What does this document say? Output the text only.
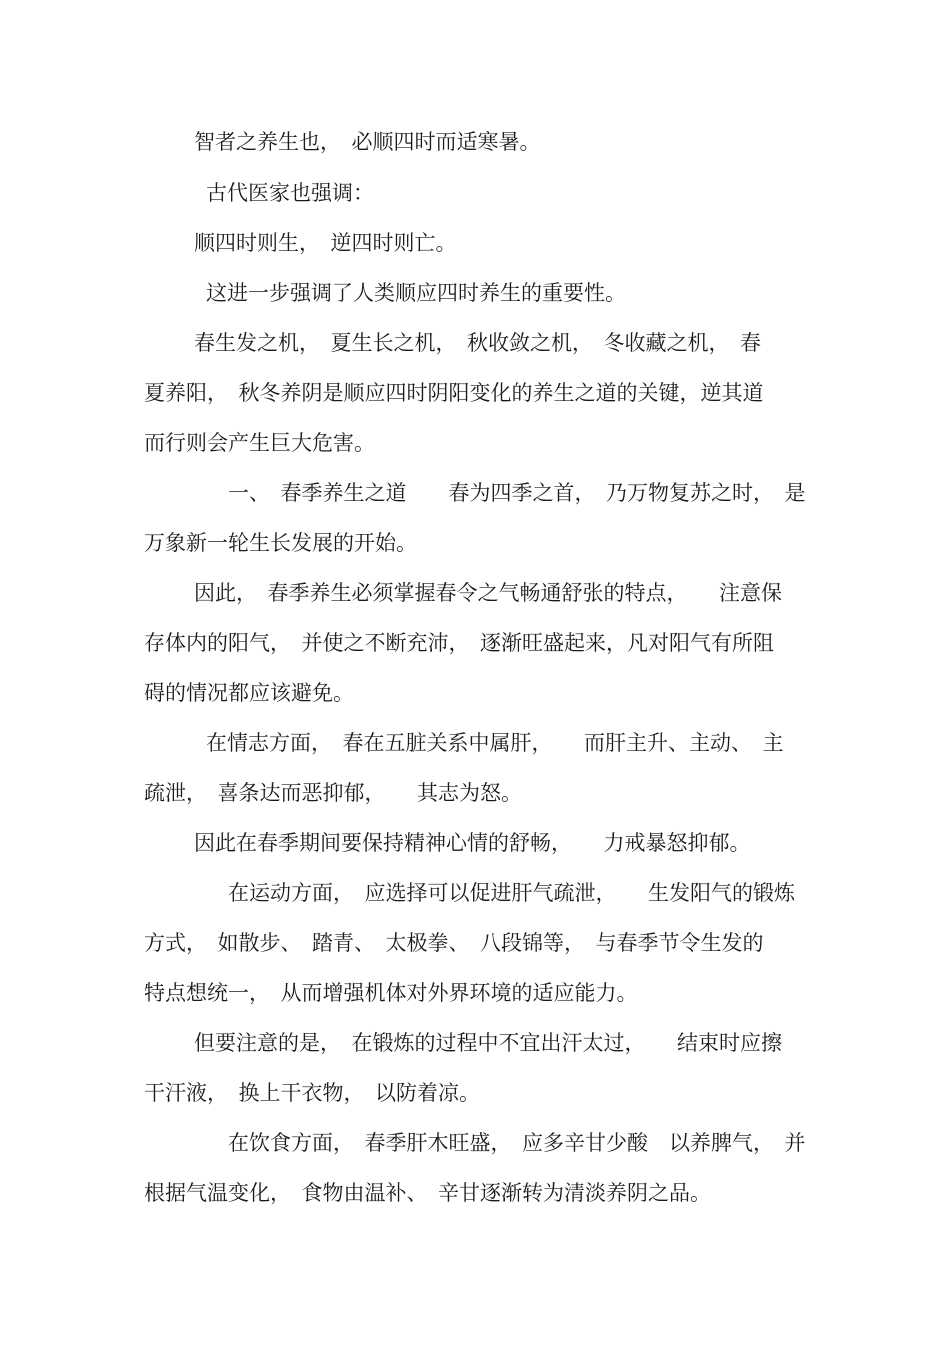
智者之养生也，　必顺四时而适寒暑。

古代医家也强调：

顺四时则生，　逆四时则亡。

这进一步强调了人类顺应四时养生的重要性。

春生发之机，　夏生长之机，　秋收敛之机，　冬收藏之机，　春

夏养阳，　秋冬养阴是顺应四时阴阳变化的养生之道的关键，逆其道

而行则会产生巨大危害。

一、　春季养生之道　　春为四季之首，　乃万物复苏之时，　是

万象新一轮生长发展的开始。

因此，　春季养生必须掌握春令之气畅通舒张的特点，　　注意保

存体内的阳气，　并使之不断充沛，　逐渐旺盛起来，凡对阳气有所阻

碍的情况都应该避免。

在情志方面，　春在五脏关系中属肝，　　而肝主升、主动、　主

疏泄，　喜条达而恶抑郁，　　其志为怒。

因此在春季期间要保持精神心情的舒畅，　　力戒暴怒抑郁。

在运动方面，　应选择可以促进肝气疏泄，　　生发阳气的锻炼

方式，　如散步、　踏青、　太极拳、　八段锦等，　与春季节令生发的

特点想统一，　从而增强机体对外界环境的适应能力。

但要注意的是，　在锻炼的过程中不宜出汗太过，　　结束时应擦

干汗液，　换上干衣物，　以防着凉。

在饮食方面，　春季肝木旺盛，　应多辛甘少酸　以养脾气，　并

根据气温变化，　食物由温补、　辛甘逐渐转为清淡养阴之品。
